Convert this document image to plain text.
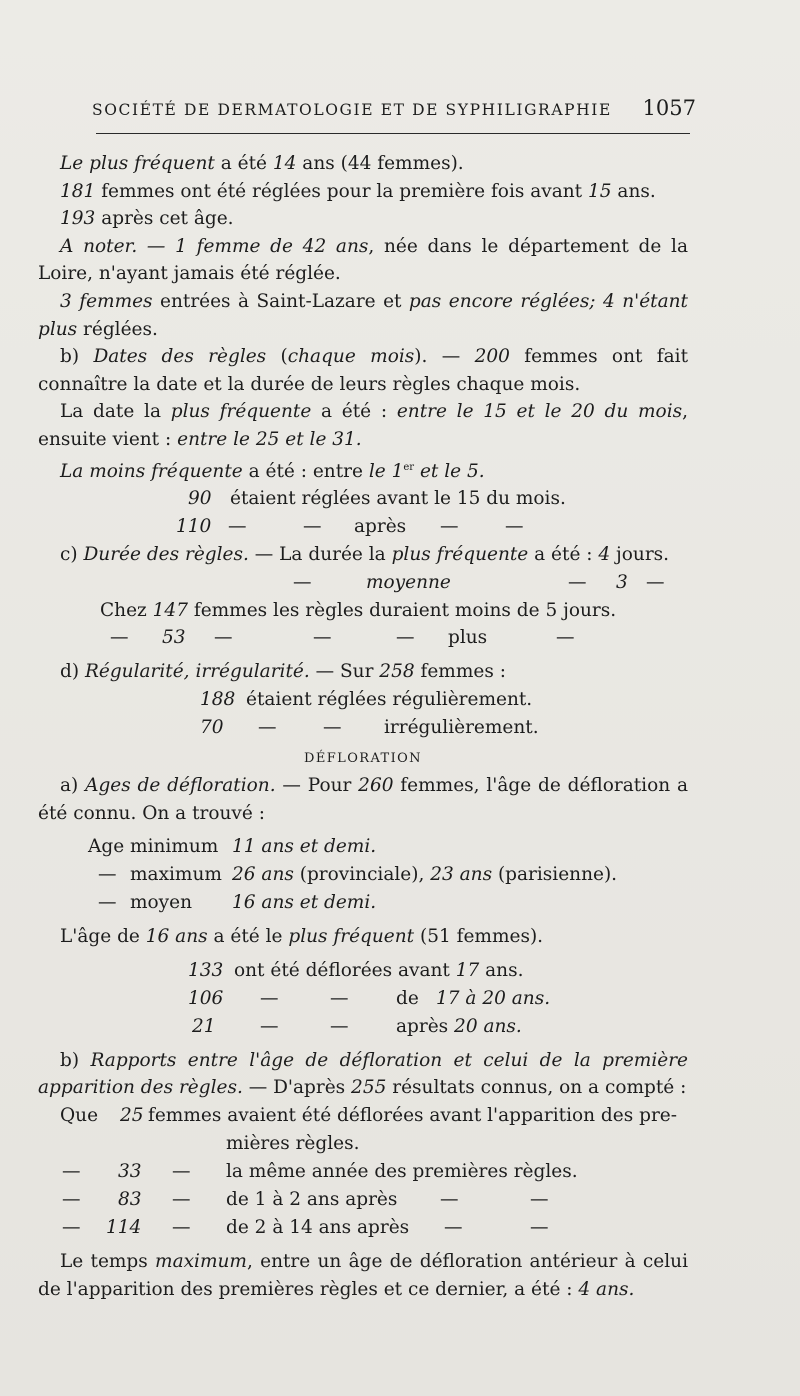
SOCIÉTÉ DE DERMATOLOGIE ET DE SYPHILIGRAPHIE 1057

Le plus fréquent a été 14 ans (44 femmes).

181 femmes ont été réglées pour la première fois avant 15 ans.

193 après cet âge.

A noter. — 1 femme de 42 ans, née dans le département de la Loire, n'ayant jamais été réglée.

3 femmes entrées à Saint-Lazare et pas encore réglées; 4 n'étant plus réglées.

b) Dates des règles (chaque mois). — 200 femmes ont fait connaître la date et la durée de leurs règles chaque mois.

La date la plus fréquente a été : entre le 15 et le 20 du mois, ensuite vient : entre le 25 et le 31.

La moins fréquente a été : entre le 1er et le 5.

90 étaient réglées avant le 15 du mois.
110 —	— après —	—

c) Durée des règles. — La durée la plus fréquente a été : 4 jours.

—	moyenne	— 3 —

Chez 147 femmes les règles duraient moins de 5 jours.

— 53 —	—	— plus	—

d) Régularité, irrégularité. — Sur 258 femmes :

188 étaient réglées régulièrement.
70 —	— irrégulièrement.
DÉFLORATION

a) Ages de défloration. — Pour 260 femmes, l'âge de défloration a été connu. On a trouvé :

Age minimum 11 ans et demi.
— maximum 26 ans (provinciale), 23 ans (parisienne).
— moyen 16 ans et demi.

L'âge de 16 ans a été le plus fréquent (51 femmes).

133 ont été déflorées avant 17 ans.
106 —	—	de 17 à 20 ans.
21 —	—	après 20 ans.

b) Rapports entre l'âge de défloration et celui de la première apparition des règles. — D'après 255 résultats connus, on a compté :

Que 25 femmes avaient été déflorées avant l'apparition des pre-
mières règles.
— 33 — la même année des premières règles.
— 83 — de 1 à 2 ans après —	—
— 114 — de 2 à 14 ans après —	—

Le temps maximum, entre un âge de défloration antérieur à celui de l'apparition des premières règles et ce dernier, a été : 4 ans.
